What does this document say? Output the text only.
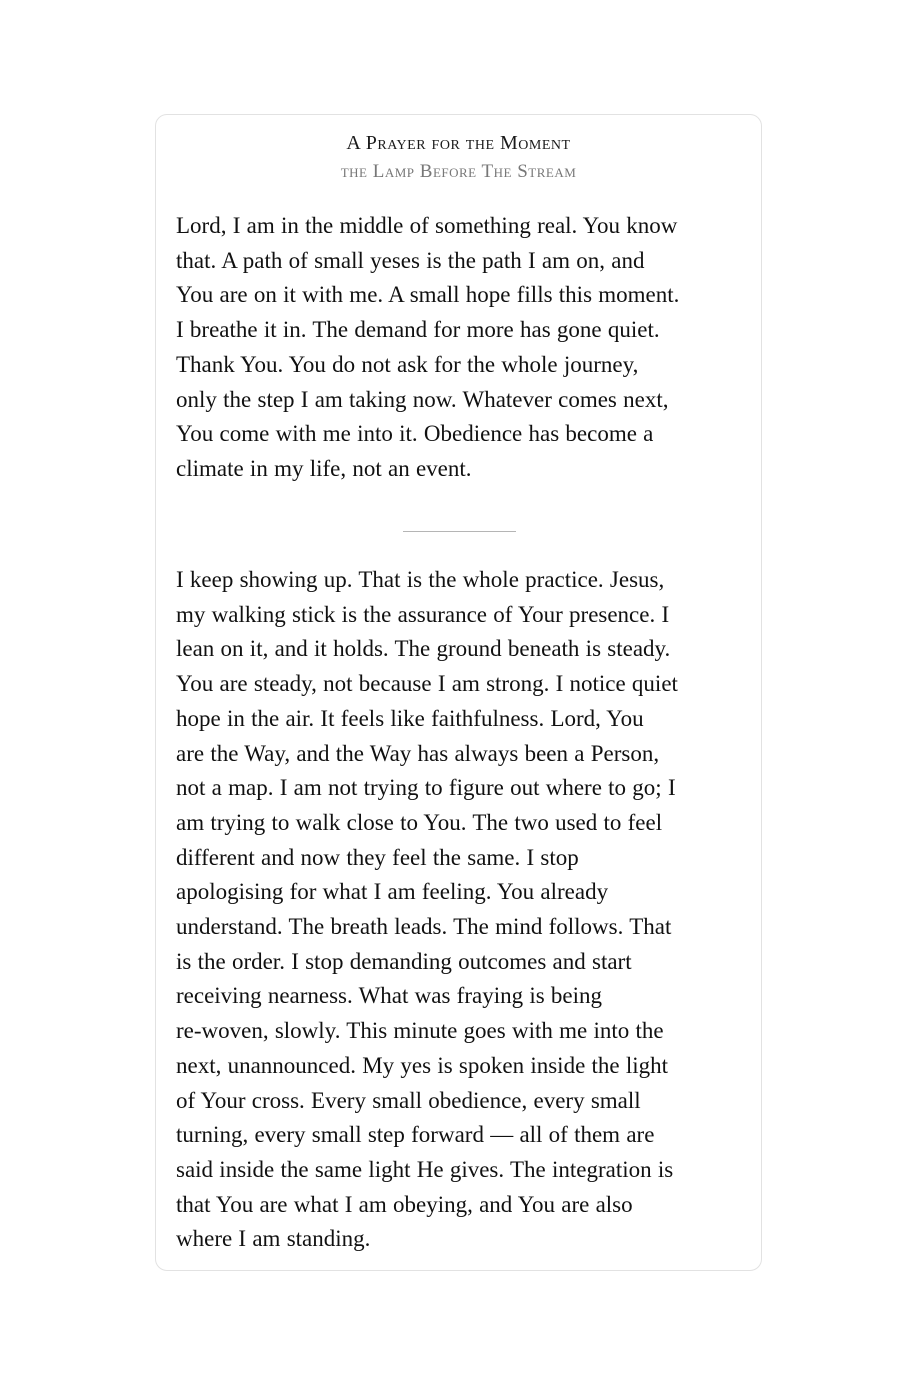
A Prayer for the Moment
the Lamp Before The Stream

Lord, I am in the middle of something real. You know
that. A path of small yeses is the path I am on, and
You are on it with me. A small hope fills this moment.
I breathe it in. The demand for more has gone quiet.
Thank You. You do not ask for the whole journey,
only the step I am taking now. Whatever comes next,
You come with me into it. Obedience has become a
climate in my life, not an event.

I keep showing up. That is the whole practice. Jesus,
my walking stick is the assurance of Your presence. I
lean on it, and it holds. The ground beneath is steady.
You are steady, not because I am strong. I notice quiet
hope in the air. It feels like faithfulness. Lord, You
are the Way, and the Way has always been a Person,
not a map. I am not trying to figure out where to go; I
am trying to walk close to You. The two used to feel
different and now they feel the same. I stop
apologising for what I am feeling. You already
understand. The breath leads. The mind follows. That
is the order. I stop demanding outcomes and start
receiving nearness. What was fraying is being
re-woven, slowly. This minute goes with me into the
next, unannounced. My yes is spoken inside the light
of Your cross. Every small obedience, every small
turning, every small step forward — all of them are
said inside the same light He gives. The integration is
that You are what I am obeying, and You are also
where I am standing.
